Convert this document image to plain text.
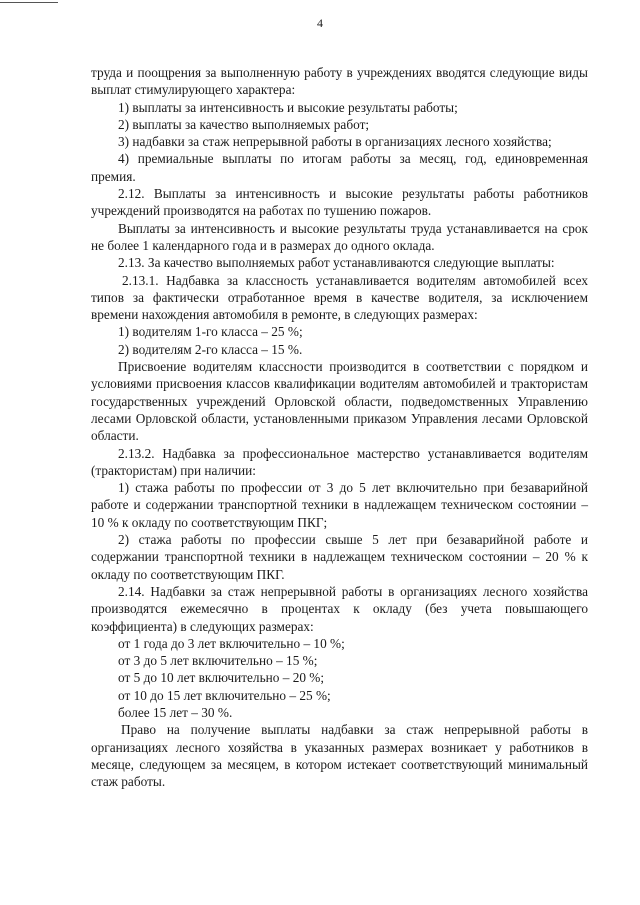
4

труда и поощрения за выполненную работу в учреждениях вводятся следующие виды выплат стимулирующего характера:

1) выплаты за интенсивность и высокие результаты работы;

2) выплаты за качество выполняемых работ;

3) надбавки за стаж непрерывной работы в организациях лесного хозяйства;

4) премиальные выплаты по итогам работы за месяц, год, единовременная премия.

2.12. Выплаты за интенсивность и высокие результаты работы работников учреждений производятся на работах по тушению пожаров.

Выплаты за интенсивность и высокие результаты труда устанавливается на срок не более 1 календарного года и в размерах до одного оклада.

2.13. За качество выполняемых работ устанавливаются следующие выплаты:

2.13.1. Надбавка за классность устанавливается водителям автомобилей всех типов за фактически отработанное время в качестве водителя, за исключением времени нахождения автомобиля в ремонте, в следующих размерах:

1) водителям 1-го класса – 25 %;

2) водителям 2-го класса – 15 %.

Присвоение водителям классности производится в соответствии с порядком и условиями присвоения классов квалификации водителям автомобилей и трактористам государственных учреждений Орловской области, подведомственных Управлению лесами Орловской области, установленными приказом Управления лесами Орловской области.

2.13.2. Надбавка за профессиональное мастерство устанавливается водителям (трактористам) при наличии:

1) стажа работы по профессии от 3 до 5 лет включительно при безаварийной работе и содержании транспортной техники в надлежащем техническом состоянии – 10 % к окладу по соответствующим ПКГ;

2) стажа работы по профессии свыше 5 лет при безаварийной работе и содержании транспортной техники в надлежащем техническом состоянии – 20 % к окладу по соответствующим ПКГ.

2.14. Надбавки за стаж непрерывной работы в организациях лесного хозяйства производятся ежемесячно в процентах к окладу (без учета повышающего коэффициента) в следующих размерах:

от 1 года до 3 лет включительно – 10 %;

от 3 до 5 лет включительно – 15 %;

от 5 до 10 лет включительно – 20 %;

от 10 до 15 лет включительно – 25 %;

более 15 лет – 30 %.

Право на получение выплаты надбавки за стаж непрерывной работы в организациях лесного хозяйства в указанных размерах возникает у работников в месяце, следующем за месяцем, в котором истекает соответствующий минимальный стаж работы.
